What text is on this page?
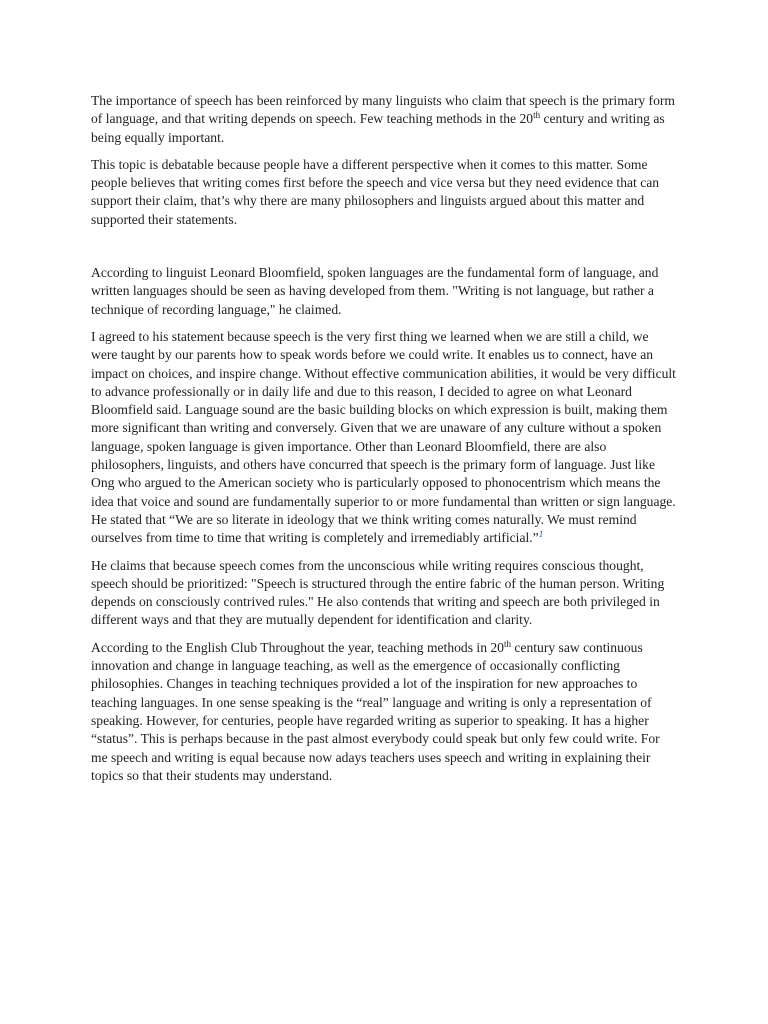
The importance of speech has been reinforced by many linguists who claim that speech is the primary form of language, and that writing depends on speech. Few teaching methods in the 20th century and writing as being equally important.

This topic is debatable because people have a different perspective when it comes to this matter. Some people believes that writing comes first before the speech and vice versa but they need evidence that can support their claim, that’s why there are many philosophers and linguists argued about this matter and supported their statements.

According to linguist Leonard Bloomfield, spoken languages are the fundamental form of language, and written languages should be seen as having developed from them. "Writing is not language, but rather a technique of recording language," he claimed.

I agreed to his statement because speech is the very first thing we learned when we are still a child, we were taught by our parents how to speak words before we could write. It enables us to connect, have an impact on choices, and inspire change. Without effective communication abilities, it would be very difficult to advance professionally or in daily life and due to this reason, I decided to agree on what Leonard Bloomfield said. Language sound are the basic building blocks on which expression is built, making them more significant than writing and conversely. Given that we are unaware of any culture without a spoken language, spoken language is given importance. Other than Leonard Bloomfield, there are also philosophers, linguists, and others have concurred that speech is the primary form of language. Just like Ong who argued to the American society who is particularly opposed to phonocentrism which means the idea that voice and sound are fundamentally superior to or more fundamental than written or sign language. He stated that “We are so literate in ideology that we think writing comes naturally. We must remind ourselves from time to time that writing is completely and irremediably artificial.”$^1$

He claims that because speech comes from the unconscious while writing requires conscious thought, speech should be prioritized: "Speech is structured through the entire fabric of the human person. Writing depends on consciously contrived rules." He also contends that writing and speech are both privileged in different ways and that they are mutually dependent for identification and clarity.

According to the English Club Throughout the year, teaching methods in 20th century saw continuous innovation and change in language teaching, as well as the emergence of occasionally conflicting philosophies. Changes in teaching techniques provided a lot of the inspiration for new approaches to teaching languages. In one sense speaking is the “real” language and writing is only a representation of speaking. However, for centuries, people have regarded writing as superior to speaking. It has a higher “status”. This is perhaps because in the past almost everybody could speak but only few could write. For me speech and writing is equal because now adays teachers uses speech and writing in explaining their topics so that their students may understand.
